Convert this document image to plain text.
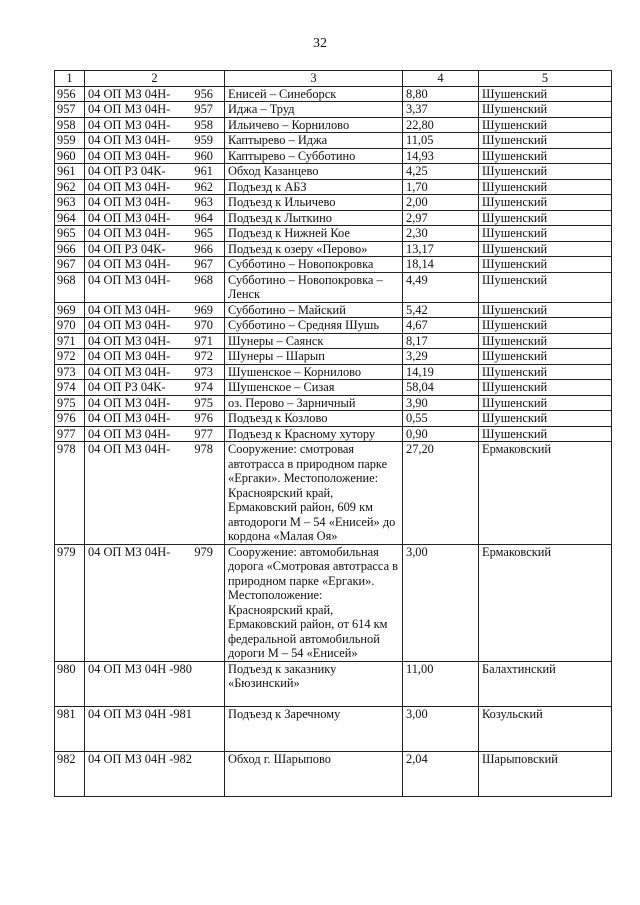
32
1	2	3	4	5
956	04 ОП МЗ 04Н- 956	Енисей – Синеборск	8,80	Шушенский
957	04 ОП МЗ 04Н- 957	Иджа – Труд	3,37	Шушенский
958	04 ОП МЗ 04Н- 958	Ильичево – Корнилово	22,80	Шушенский
959	04 ОП МЗ 04Н- 959	Каптырево – Иджа	11,05	Шушенский
960	04 ОП МЗ 04Н- 960	Каптырево – Субботино	14,93	Шушенский
961	04 ОП РЗ 04К- 961	Обход Казанцево	4,25	Шушенский
962	04 ОП МЗ 04Н- 962	Подъезд к АБЗ	1,70	Шушенский
963	04 ОП МЗ 04Н- 963	Подъезд к Ильичево	2,00	Шушенский
964	04 ОП МЗ 04Н- 964	Подъезд к Лыткино	2,97	Шушенский
965	04 ОП МЗ 04Н- 965	Подъезд к Нижней Кое	2,30	Шушенский
966	04 ОП РЗ 04К- 966	Подъезд к озеру «Перово»	13,17	Шушенский
967	04 ОП МЗ 04Н- 967	Субботино – Новопокровка	18,14	Шушенский
968	04 ОП МЗ 04Н- 968	Субботино – Новопокровка – Ленск	4,49	Шушенский
969	04 ОП МЗ 04Н- 969	Субботино – Майский	5,42	Шушенский
970	04 ОП МЗ 04Н- 970	Субботино – Средняя Шушь	4,67	Шушенский
971	04 ОП МЗ 04Н- 971	Шунеры – Саянск	8,17	Шушенский
972	04 ОП МЗ 04Н- 972	Шунеры – Шарып	3,29	Шушенский
973	04 ОП МЗ 04Н- 973	Шушенское – Корнилово	14,19	Шушенский
974	04 ОП РЗ 04К- 974	Шушенское – Сизая	58,04	Шушенский
975	04 ОП МЗ 04Н- 975	оз. Перово – Зарничный	3,90	Шушенский
976	04 ОП МЗ 04Н- 976	Подъезд к Козлово	0,55	Шушенский
977	04 ОП МЗ 04Н- 977	Подъезд к Красному хутору	0,90	Шушенский
978	04 ОП МЗ 04Н- 978	Сооружение: смотровая автотрасса в природном парке «Ергаки». Местоположение: Красноярский край, Ермаковский район, 609 км автодороги М – 54 «Енисей» до кордона «Малая Оя»	27,20	Ермаковский
979	04 ОП МЗ 04Н- 979	Сооружение: автомобильная дорога «Смотровая автотрасса в природном парке «Ергаки». Местоположение: Красноярский край, Ермаковский район, от 614 км федеральной автомобильной дороги М – 54 «Енисей»	3,00	Ермаковский
980	04 ОП МЗ 04Н -980	Подъезд к заказнику «Бюзинский»	11,00	Балахтинский
981	04 ОП МЗ 04Н -981	Подъезд к Заречному	3,00	Козульский
982	04 ОП МЗ 04Н -982	Обход г. Шарыпово	2,04	Шарыповский
